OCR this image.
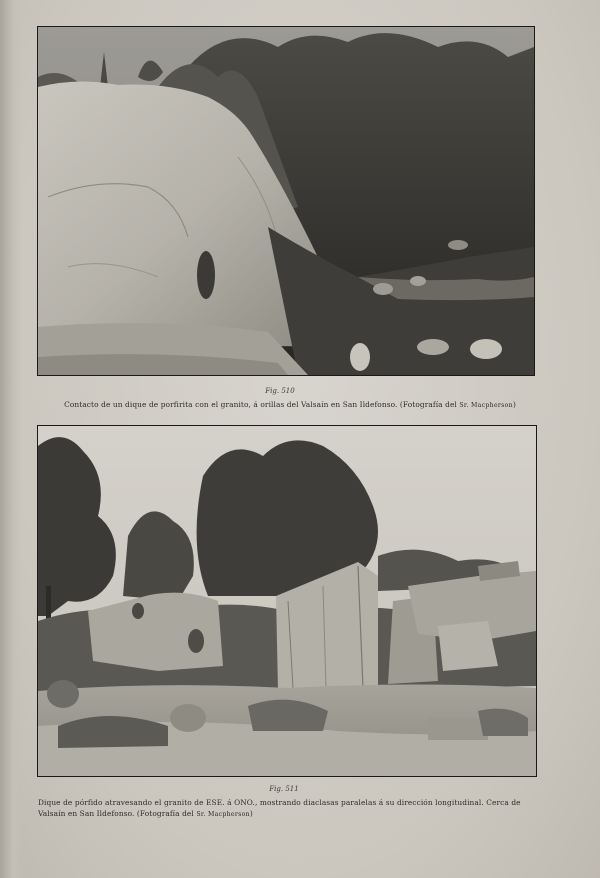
Fig. 510
Contacto de un dique de porfirita con el granito, á orillas del Valsaín en San Ildefonso. (Fotografía del Sr. Macpherson)
Fig. 511
Dique de pórfido atravesando el granito de ESE. á ONO., mostrando diaclasas paralelas á su dirección longitudinal. Cerca de
Valsaín en San Ildefonso. (Fotografía del Sr. Macpherson)
